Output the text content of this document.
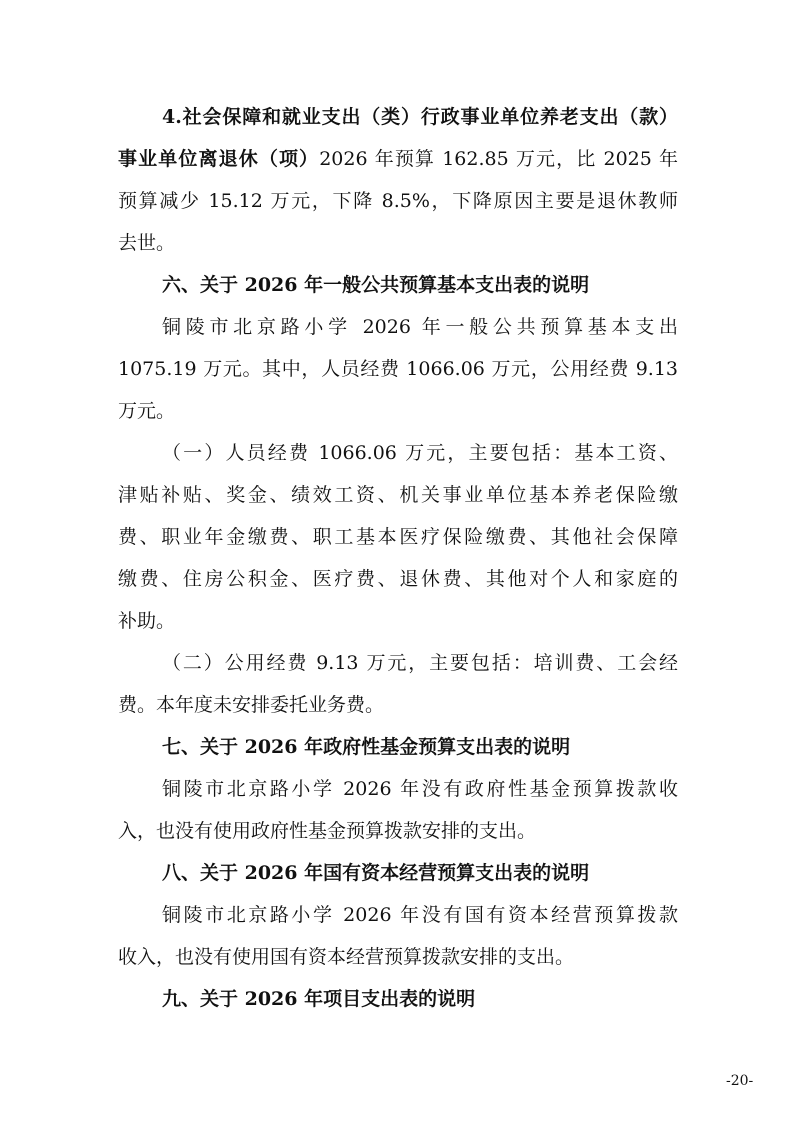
4.社会保障和就业支出（类）行政事业单位养老支出（款）
事业单位离退休（项）2026 年预算 162.85 万元，比 2025 年
预算减少 15.12 万元，下降 8.5%，下降原因主要是退休教师
去世。
六、关于 2026 年一般公共预算基本支出表的说明
铜陵市北京路小学 2026 年一般公共预算基本支出
1075.19 万元。其中，人员经费 1066.06 万元，公用经费 9.13
万元。
（一）人员经费 1066.06 万元，主要包括：基本工资、
津贴补贴、奖金、绩效工资、机关事业单位基本养老保险缴
费、职业年金缴费、职工基本医疗保险缴费、其他社会保障
缴费、住房公积金、医疗费、退休费、其他对个人和家庭的
补助。
（二）公用经费 9.13 万元，主要包括：培训费、工会经
费。本年度未安排委托业务费。
七、关于 2026 年政府性基金预算支出表的说明
铜陵市北京路小学 2026 年没有政府性基金预算拨款收
入，也没有使用政府性基金预算拨款安排的支出。
八、关于 2026 年国有资本经营预算支出表的说明
铜陵市北京路小学 2026 年没有国有资本经营预算拨款
收入，也没有使用国有资本经营预算拨款安排的支出。
九、关于 2026 年项目支出表的说明
-20-
